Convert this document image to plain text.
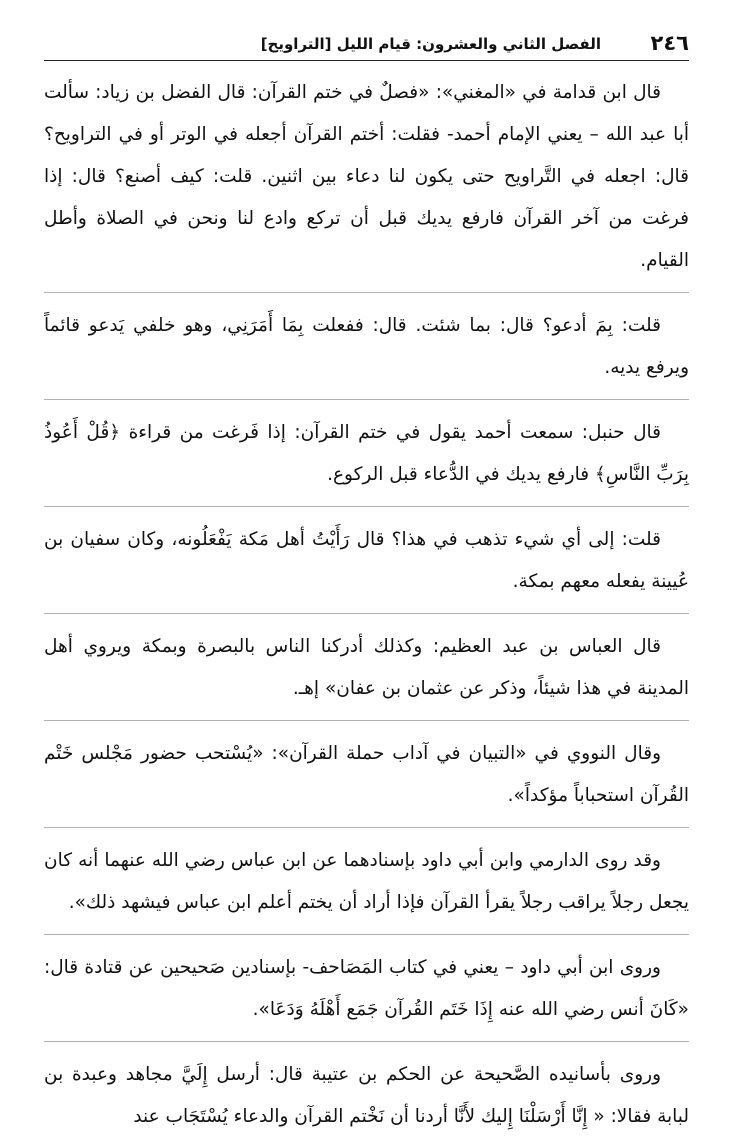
٢٤٦
الفصل الثاني والعشرون: قيام الليل [التراويح]

قال ابن قدامة في «المغني»: «فصلٌ في ختم القرآن: قال الفضل بن زياد: سألت أبا عبد الله – يعني الإمام أحمد- فقلت: أختم القرآن أجعله في الوتر أو في التراويح؟ قال: اجعله في التَّراويح حتى يكون لنا دعاء بين اثنين. قلت: كيف أصنع؟ قال: إذا فرغت من آخر القرآن فارفع يديك قبل أن تركع وادع لنا ونحن في الصلاة وأطل القيام.

قلت: بِمَ أدعو؟ قال: بما شئت. قال: ففعلت بِمَا أَمَرَنِي، وهو خلفي يَدعو قائماً ويرفع يديه.

قال حنبل: سمعت أحمد يقول في ختم القرآن: إذا فَرغت من قراءة ﴿قُلْ أَعُوذُ بِرَبِّ النَّاسِ﴾ فارفع يديك في الدُّعاء قبل الركوع.

قلت: إلى أي شيء تذهب في هذا؟ قال رَأَيْتُ أهل مَكة يَفْعَلُونه، وكان سفيان بن عُيينة يفعله معهم بمكة.

قال العباس بن عبد العظيم: وكذلك أدركنا الناس بالبصرة وبمكة ويروي أهل المدينة في هذا شيئاً، وذكر عن عثمان بن عفان» إهـ.

وقال النووي في «التبيان في آداب حملة القرآن»: «يُسْتحب حضور مَجْلس خَتْم القُرآن استحباباً مؤكداً».

وقد روى الدارمي وابن أبي داود بإسنادهما عن ابن عباس رضي الله عنهما أنه كان يجعل رجلاً يراقب رجلاً يقرأ القرآن فإذا أراد أن يختم أعلم ابن عباس فيشهد ذلك».

وروى ابن أبي داود – يعني في كتاب المَصَاحف- بإسنادين صَحيحين عن قتادة قال: «كَانَ أنس رضي الله عنه إِذَا خَتَم القُرآن جَمَع أَهْلَهُ وَدَعَا».

وروى بأسانيده الصَّحيحة عن الحكم بن عتيبة قال: أرسل إِلَيَّ مجاهد وعبدة بن لبابة فقالا: « إِنَّا أَرْسَلْنَا إِليك لأَنَّا أردنا أن نَخْتم القرآن والدعاء يُسْتَجَاب عند
